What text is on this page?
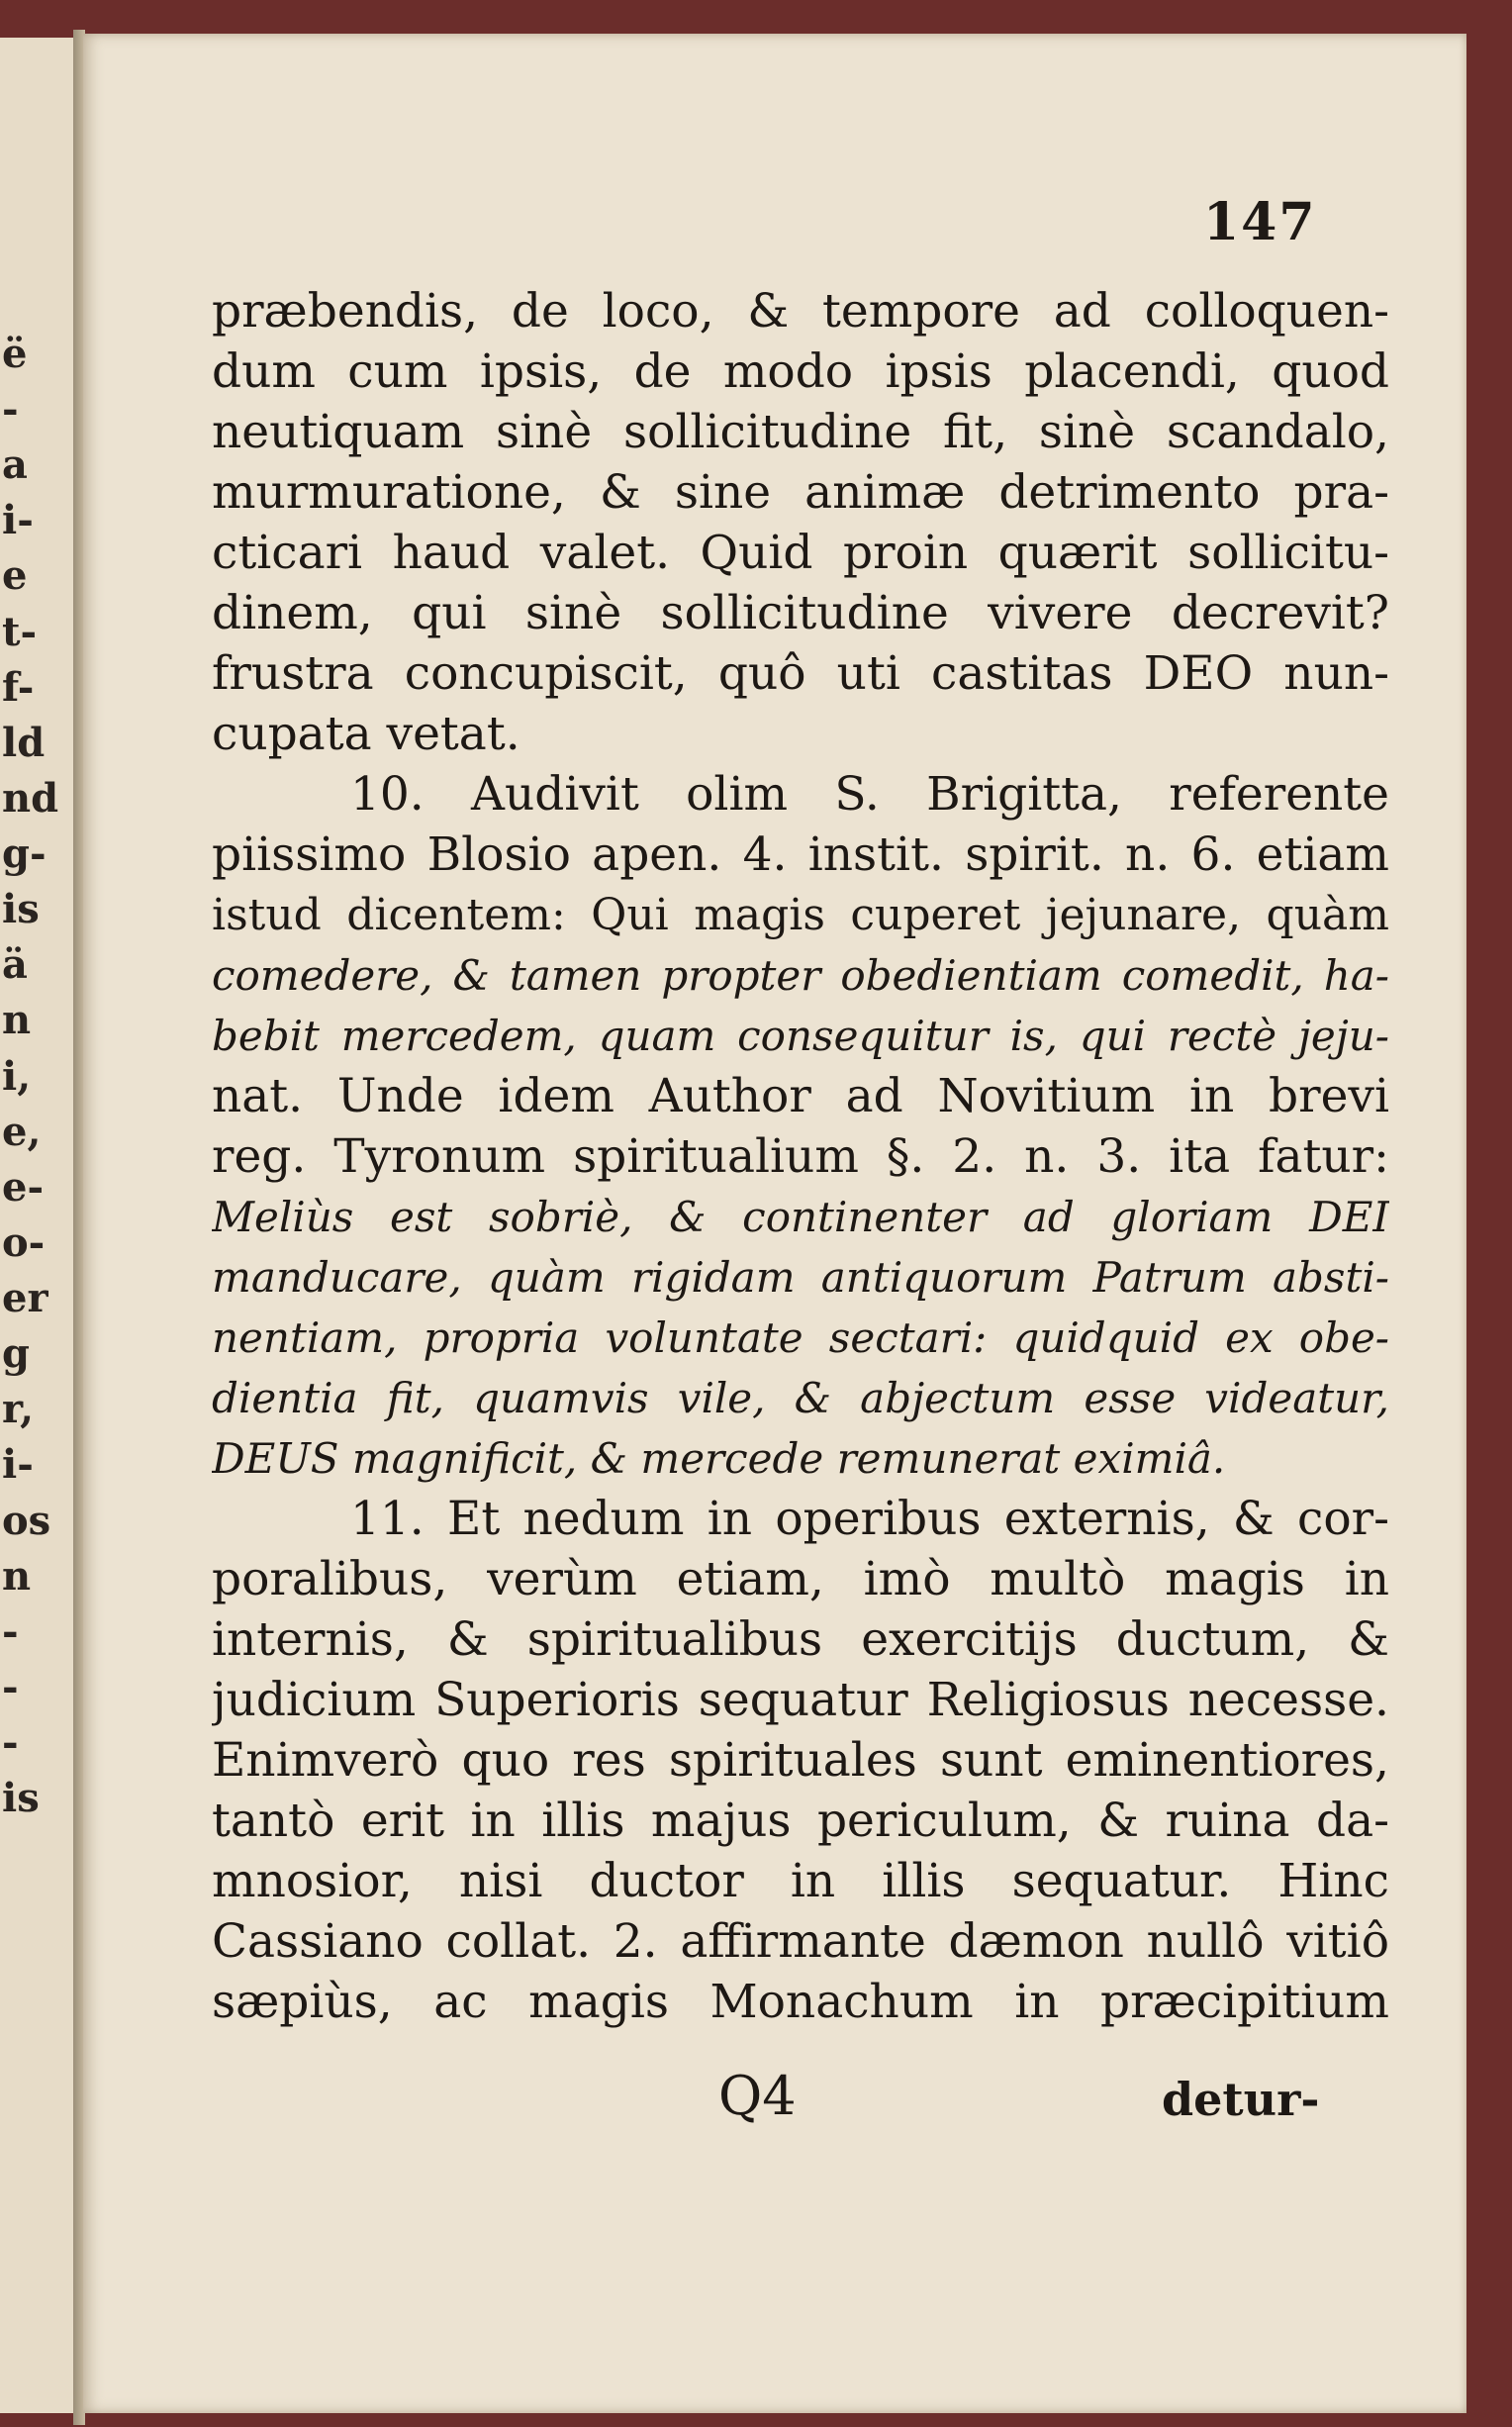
ë
-
a
i-
e
t-
f-
ld
nd
g-
is
ä
n
i,
e,
e-
o-
er
g
r,
i-
os
n
-
-
-
is
147
præbendis, de loco, & tempore ad colloquen-
dum cum ipsis, de modo ipsis placendi, quod
neutiquam sinè sollicitudine fit, sinè scandalo,
murmuratione, & sine animæ detrimento pra-
cticari haud valet. Quid proin quærit sollicitu-
dinem, qui sinè sollicitudine vivere decrevit?
frustra concupiscit, quô uti castitas DEO nun-
cupata vetat.
10. Audivit olim S. Brigitta, referente
piissimo Blosio apen. 4. instit. spirit. n. 6. etiam
istud dicentem: Qui magis cuperet jejunare, quàm
comedere, & tamen propter obedientiam comedit, ha-
bebit mercedem, quam consequitur is, qui rectè jeju-
nat. Unde idem Author ad Novitium in brevi
reg. Tyronum spiritualium §. 2. n. 3. ita fatur:
Meliùs est sobriè, & continenter ad gloriam DEI
manducare, quàm rigidam antiquorum Patrum absti-
nentiam, propria voluntate sectari: quidquid ex obe-
dientia fit, quamvis vile, & abjectum esse videatur,
DEUS magnificit, & mercede remunerat eximiâ.
11. Et nedum in operibus externis, & cor-
poralibus, verùm etiam, imò multò magis in
internis, & spiritualibus exercitijs ductum, &
judicium Superioris sequatur Religiosus necesse.
Enimverò quo res spirituales sunt eminentiores,
tantò erit in illis majus periculum, & ruina da-
mnosior, nisi ductor in illis sequatur. Hinc
Cassiano collat. 2. affirmante dæmon nullô vitiô
sæpiùs, ac magis Monachum in præcipitium
Q4	detur-
